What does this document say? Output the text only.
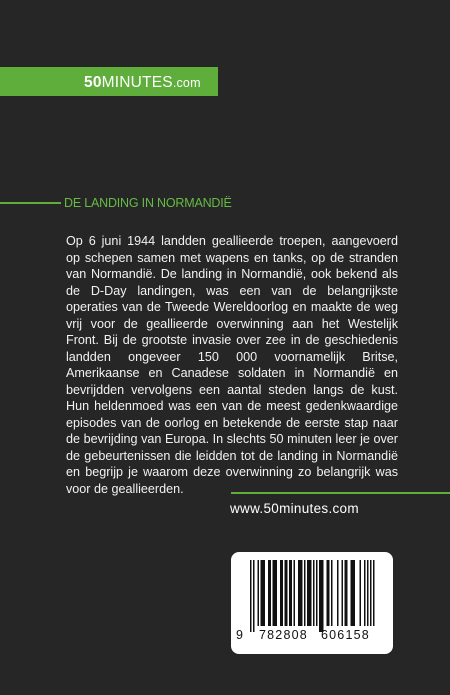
50MINUTES.com
DE LANDING IN NORMANDIË

Op 6 juni 1944 landden geallieerde troepen, aangevoerd op schepen samen met wapens en tanks, op de stranden van Normandië. De landing in Normandië, ook bekend als de D-Day landingen, was een van de belangrijkste operaties van de Tweede Wereldoorlog en maakte de weg vrij voor de geallieerde overwinning aan het Westelijk Front. Bij de grootste invasie over zee in de geschiedenis landden ongeveer 150 000 voornamelijk Britse, Amerikaanse en Canadese soldaten in Normandië en bevrijdden vervolgens een aantal steden langs de kust. Hun heldenmoed was een van de meest gedenkwaardige episodes van de oorlog en betekende de eerste stap naar de bevrijding van Europa. In slechts 50 minuten leer je over de gebeurtenissen die leidden tot de landing in Normandië en begrijp je waarom deze overwinning zo belangrijk was voor de geallieerden.

www.50minutes.com
9 782808 606158
